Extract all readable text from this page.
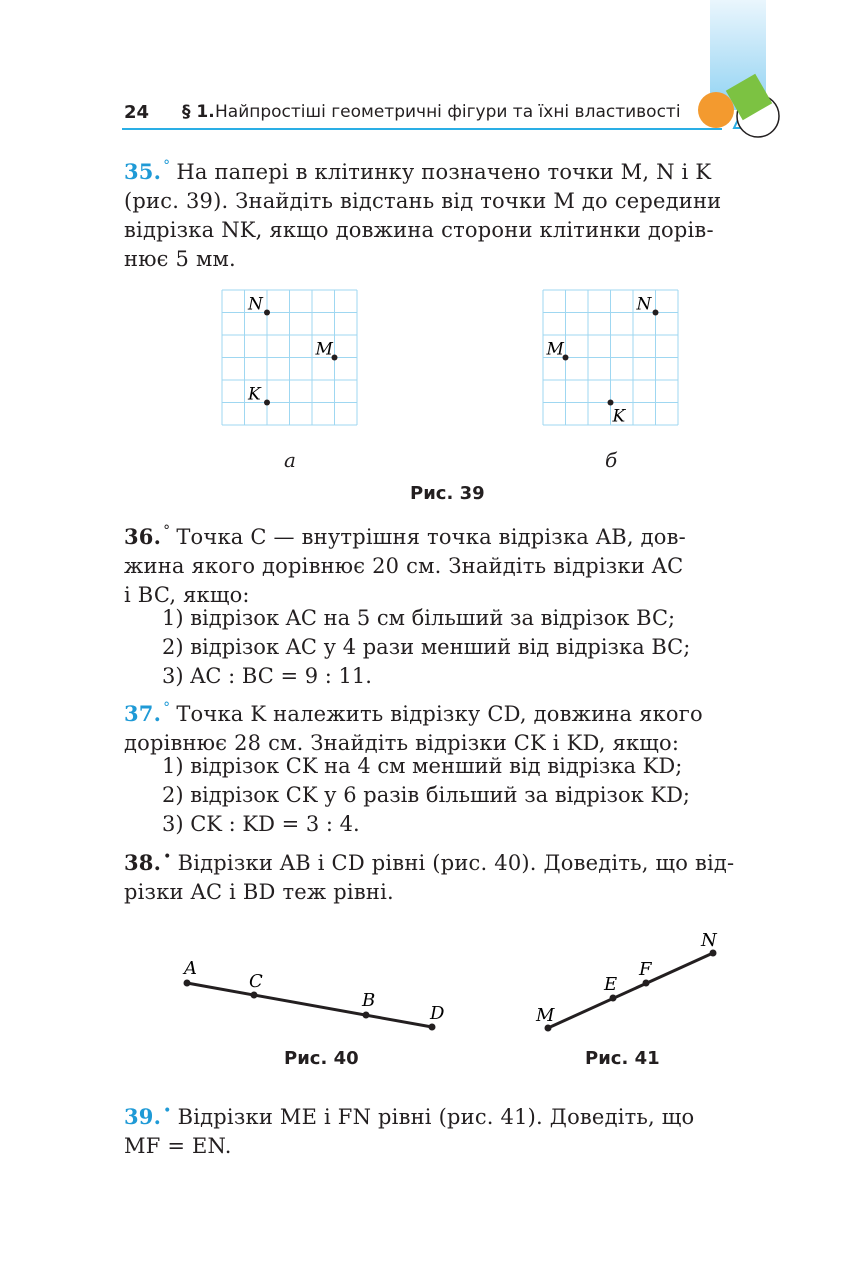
24 § 1. Найпростіші геометричні фігури та їхні властивості
35. ° На папері в клітинку позначено точки M, N і K
(рис. 39). Знайдіть відстань від точки M до середини
відрізка NK, якщо довжина сторони клітинки дорів-
нює 5 мм.
N
M
K
N
M
K
а	б
Рис. 39
36. ° Точка C — внутрішня точка відрізка AB, дов-
жина якого дорівнює 20 см. Знайдіть відрізки AC
і BC, якщо:
1) відрізок AC на 5 см більший за відрізок BC;
2) відрізок AC у 4 рази менший від відрізка BC;
3) AC : BC = 9 : 11.
37. ° Точка K належить відрізку CD, довжина якого
дорівнює 28 см. Знайдіть відрізки CK і KD, якщо:
1) відрізок CK на 4 см менший від відрізка KD;
2) відрізок CK у 6 разів більший за відрізок KD;
3) CK : KD = 3 : 4.
38. • Відрізки AB і CD рівні (рис. 40). Доведіть, що від-
різки AC і BD теж рівні.
A
C
B
D	M
E
F
N
Рис. 40	Рис. 41
39. • Відрізки ME і FN рівні (рис. 41). Доведіть, що
MF = EN.
